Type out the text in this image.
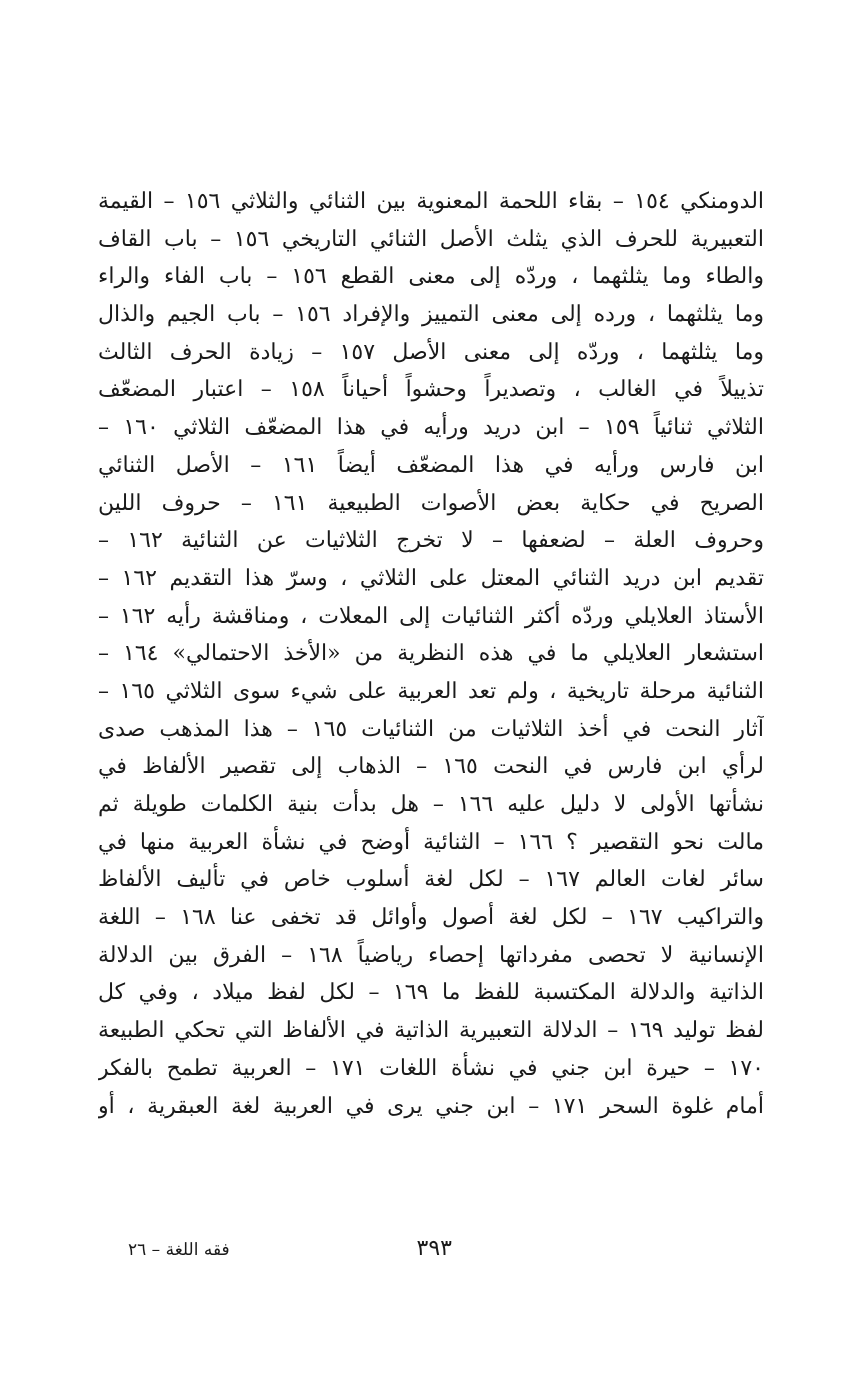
الدومنكي ١٥٤ – بقاء اللحمة المعنوية بين الثنائي والثلاثي ١٥٦ – القيمة
التعبيرية للحرف الذي يثلث الأصل الثنائي التاريخي ١٥٦ – باب القاف
والطاء وما يثلثهما ، وردّه إلى معنى القطع ١٥٦ – باب الفاء والراء
وما يثلثهما ، ورده إلى معنى التمييز والإفراد ١٥٦ – باب الجيم والذال
وما يثلثهما ، وردّه إلى معنى الأصل ١٥٧ – زيادة الحرف الثالث
تذييلاً في الغالب ، وتصديراً وحشواً أحياناً ١٥٨ – اعتبار المضعّف
الثلاثي ثنائياً ١٥٩ – ابن دريد ورأيه في هذا المضعّف الثلاثي ١٦٠ –
ابن فارس ورأيه في هذا المضعّف أيضاً ١٦١ – الأصل الثنائي
الصريح في حكاية بعض الأصوات الطبيعية ١٦١ – حروف اللين
وحروف العلة – لضعفها – لا تخرج الثلاثيات عن الثنائية ١٦٢ –
تقديم ابن دريد الثنائي المعتل على الثلاثي ، وسرّ هذا التقديم ١٦٢ –
الأستاذ العلايلي وردّه أكثر الثنائيات إلى المعلات ، ومناقشة رأيه ١٦٢ –
استشعار العلايلي ما في هذه النظرية من «الأخذ الاحتمالي» ١٦٤ –
الثنائية مرحلة تاريخية ، ولم تعد العربية على شيء سوى الثلاثي ١٦٥ –
آثار النحت في أخذ الثلاثيات من الثنائيات ١٦٥ – هذا المذهب صدى
لرأي ابن فارس في النحت ١٦٥ – الذهاب إلى تقصير الألفاظ في
نشأتها الأولى لا دليل عليه ١٦٦ – هل بدأت بنية الكلمات طويلة ثم
مالت نحو التقصير ؟ ١٦٦ – الثنائية أوضح في نشأة العربية منها في
سائر لغات العالم ١٦٧ – لكل لغة أسلوب خاص في تأليف الألفاظ
والتراكيب ١٦٧ – لكل لغة أصول وأوائل قد تخفى عنا ١٦٨ – اللغة
الإنسانية لا تحصى مفرداتها إحصاء رياضياً ١٦٨ – الفرق بين الدلالة
الذاتية والدلالة المكتسبة للفظ ما ١٦٩ – لكل لفظ ميلاد ، وفي كل
لفظ توليد ١٦٩ – الدلالة التعبيرية الذاتية في الألفاظ التي تحكي الطبيعة
١٧٠ – حيرة ابن جني في نشأة اللغات ١٧١ – العربية تطمح بالفكر
أمام غلوة السحر ١٧١ – ابن جني يرى في العربية لغة العبقرية ، أو
٣٩٣
فقه اللغة – ٢٦
